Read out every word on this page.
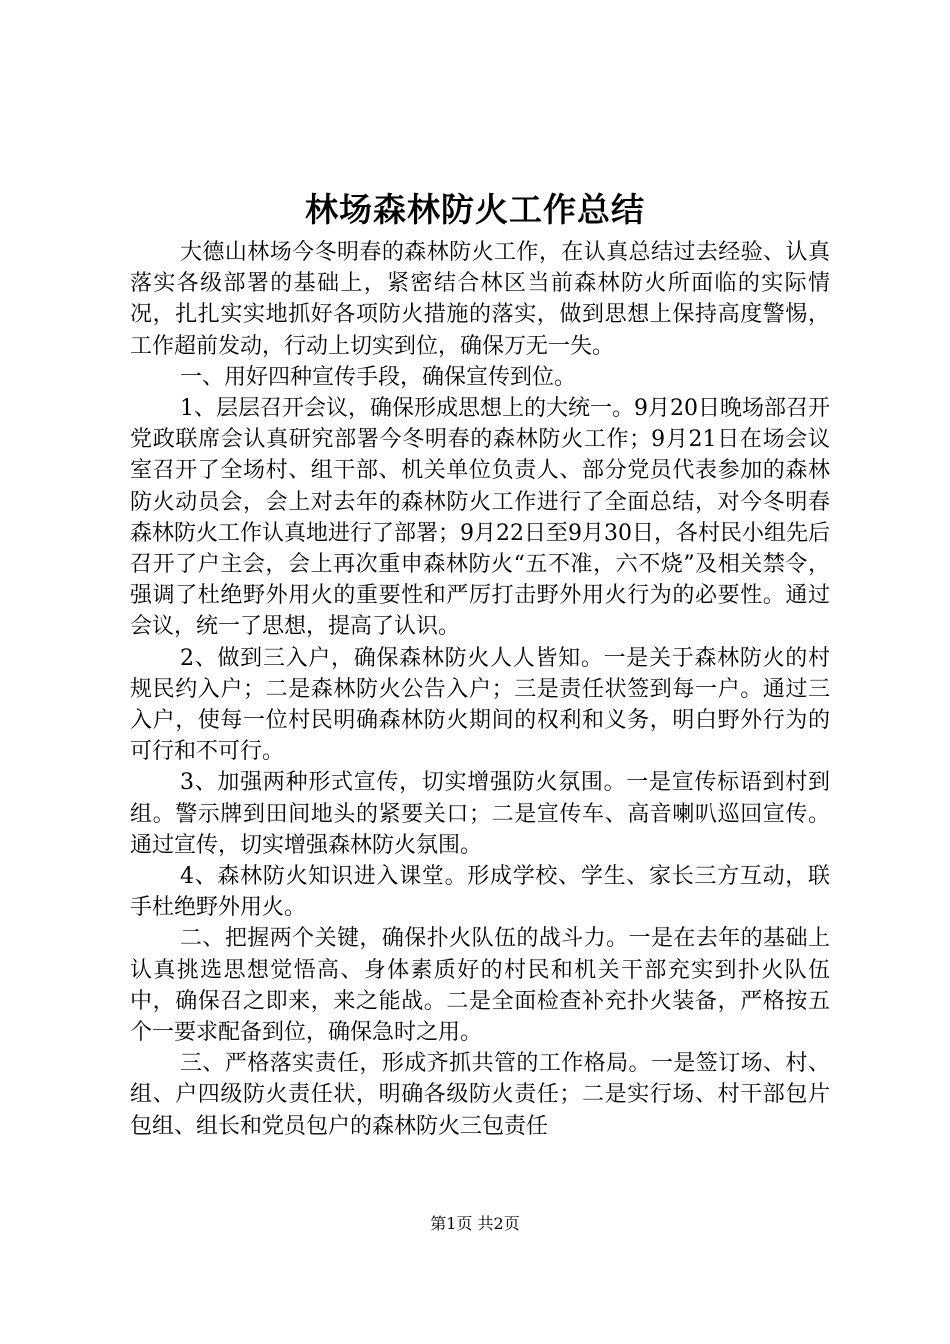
林场森林防火工作总结

大德山林场今冬明春的森林防火工作，在认真总结过去经验、认真落实各级部署的基础上，紧密结合林区当前森林防火所面临的实际情况，扎扎实实地抓好各项防火措施的落实，做到思想上保持高度警惕，工作超前发动，行动上切实到位，确保万无一失。

一、用好四种宣传手段，确保宣传到位。

1、层层召开会议，确保形成思想上的大统一。9月20日晚场部召开党政联席会认真研究部署今冬明春的森林防火工作；9月21日在场会议室召开了全场村、组干部、机关单位负责人、部分党员代表参加的森林防火动员会，会上对去年的森林防火工作进行了全面总结，对今冬明春森林防火工作认真地进行了部署；9月22日至9月30日，各村民小组先后召开了户主会，会上再次重申森林防火“五不准，六不烧”及相关禁令，强调了杜绝野外用火的重要性和严厉打击野外用火行为的必要性。通过会议，统一了思想，提高了认识。

2、做到三入户，确保森林防火人人皆知。一是关于森林防火的村规民约入户；二是森林防火公告入户；三是责任状签到每一户。通过三入户，使每一位村民明确森林防火期间的权利和义务，明白野外行为的可行和不可行。

3、加强两种形式宣传，切实增强防火氛围。一是宣传标语到村到组。警示牌到田间地头的紧要关口；二是宣传车、高音喇叭巡回宣传。通过宣传，切实增强森林防火氛围。

4、森林防火知识进入课堂。形成学校、学生、家长三方互动，联手杜绝野外用火。

二、把握两个关键，确保扑火队伍的战斗力。一是在去年的基础上认真挑选思想觉悟高、身体素质好的村民和机关干部充实到扑火队伍中，确保召之即来，来之能战。二是全面检查补充扑火装备，严格按五个一要求配备到位，确保急时之用。

三、严格落实责任，形成齐抓共管的工作格局。一是签订场、村、组、户四级防火责任状，明确各级防火责任；二是实行场、村干部包片包组、组长和党员包户的森林防火三包责任

第1页 共2页
